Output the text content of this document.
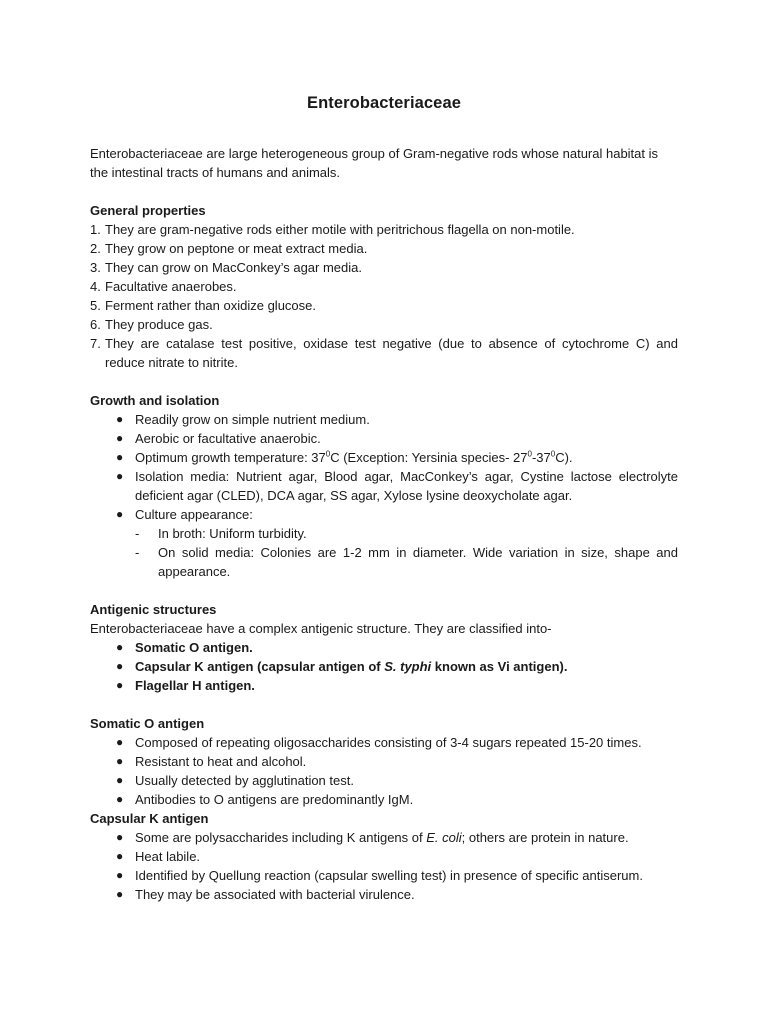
Enterobacteriaceae

Enterobacteriaceae are large heterogeneous group of Gram-negative rods whose natural habitat is the intestinal tracts of humans and animals.

General properties

1. They are gram-negative rods either motile with peritrichous flagella on non-motile.
2. They grow on peptone or meat extract media.
3. They can grow on MacConkey’s agar media.
4. Facultative anaerobes.
5. Ferment rather than oxidize glucose.
6. They produce gas.
7. They are catalase test positive, oxidase test negative (due to absence of cytochrome C) and reduce nitrate to nitrite.

Growth and isolation

● Readily grow on simple nutrient medium.
● Aerobic or facultative anaerobic.
● Optimum growth temperature: $37^0C$ (Exception: Yersinia species- $27^0-37^0C$).
● Isolation media: Nutrient agar, Blood agar, MacConkey’s agar, Cystine lactose electrolyte deficient agar (CLED), DCA agar, SS agar, Xylose lysine deoxycholate agar.
● Culture appearance:
- In broth: Uniform turbidity.
- On solid media: Colonies are 1-2 mm in diameter. Wide variation in size, shape and appearance.

Antigenic structures

Enterobacteriaceae have a complex antigenic structure. They are classified into-

● Somatic O antigen.
● Capsular K antigen (capsular antigen of S. typhi known as Vi antigen).
● Flagellar H antigen.

Somatic O antigen

● Composed of repeating oligosaccharides consisting of 3-4 sugars repeated 15-20 times.
● Resistant to heat and alcohol.
● Usually detected by agglutination test.
● Antibodies to O antigens are predominantly IgM.

Capsular K antigen

● Some are polysaccharides including K antigens of E. coli; others are protein in nature.
● Heat labile.
● Identified by Quellung reaction (capsular swelling test) in presence of specific antiserum.
● They may be associated with bacterial virulence.
